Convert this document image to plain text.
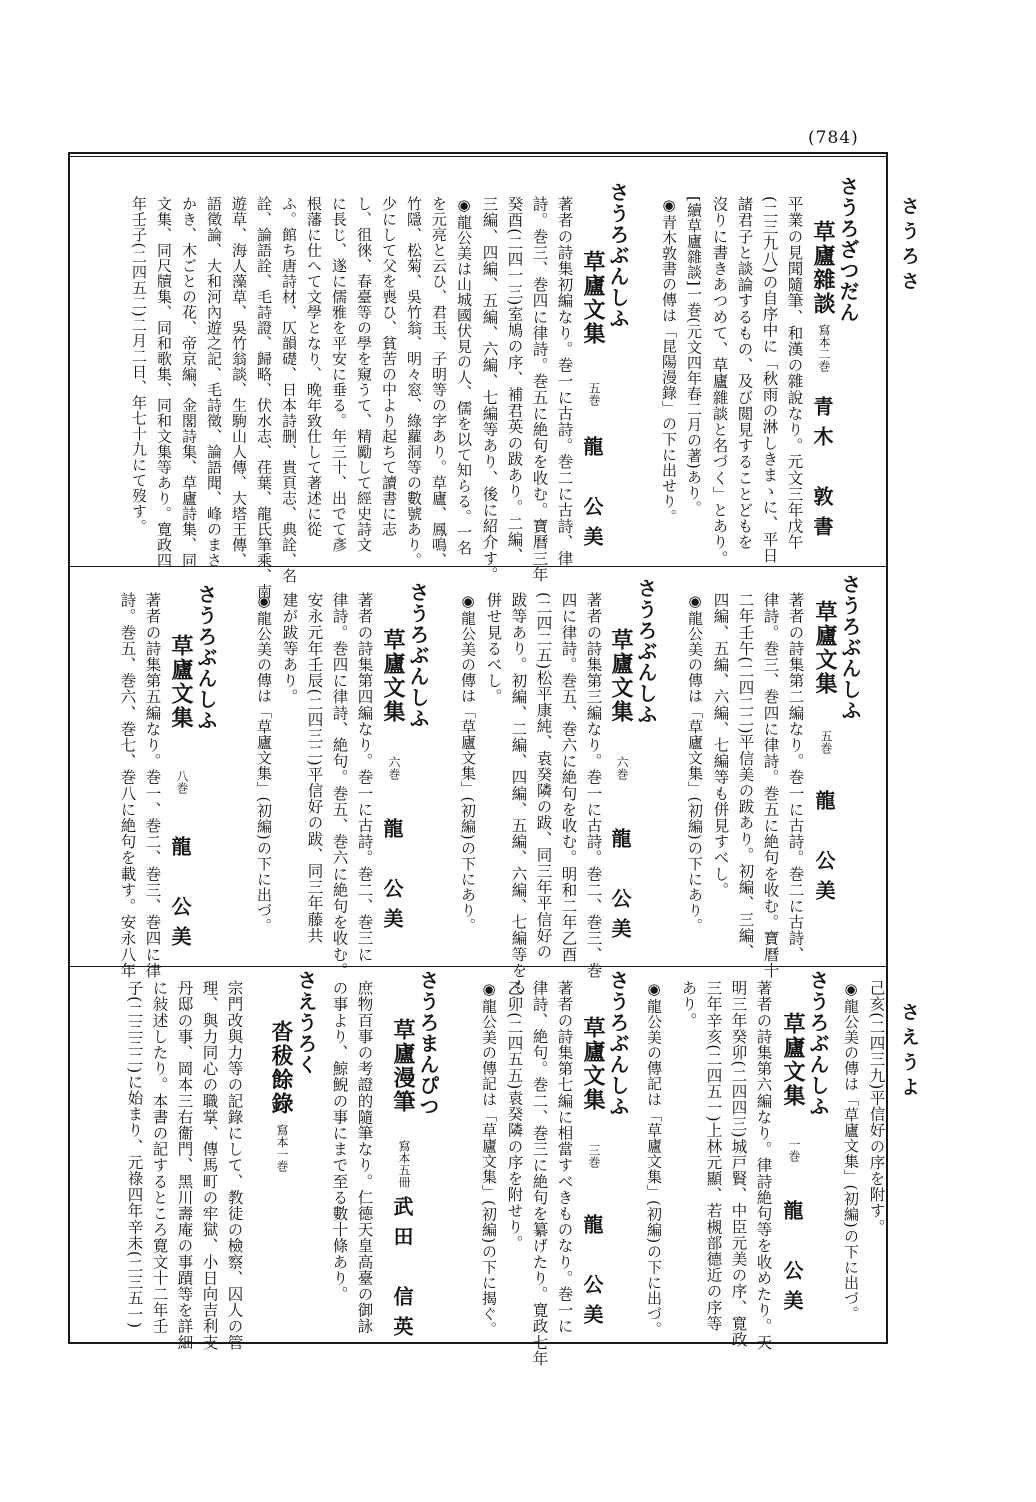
(784)
さうろさ
さえうよ
さうろざつだん
草廬雜談
寫本二巻
青木　敦書
平業の見聞隨筆、和漢の雜說なり。元文三年戊午
(二三九八)の自序中に「秋雨の淋しきまゝに、平日
諸君子と談論するもの、及び閲見することどもを
沒りに書きあつめて、草廬雜談と名づく」とあり。
[續草廬雜談]一巻(元文四年春二月の著)あり。
◉青木敦書の傳は「昆陽漫錄」の下に出せり。
さうろぶんしふ
草廬文集
五巻
龍　公美
著者の詩集初編なり。巻一に古詩。巻二に古詩、律
詩。巻三、巻四に律詩。巻五に絶句を收む。寶曆三年
癸酉(二四一三)室鳩の序、補君英の跋あり。二編、
三編、四編、五編、六編、七編等あり、後に紹介す。
◉龍公美は山城國伏見の人、儒を以て知らる。一名
を元亮と云ひ、君玉、子明等の字あり。草廬、鳳鳴、
竹隱、松菊、吳竹翁、明々窓、綠蘿洞等の數號あり。
少にして父を喪ひ、貧苦の中より起ちて讀書に志
し、徂徠、春臺等の學を窺うて、精勵して經史詩文
に長じ、遂に儒雅を平安に垂る。年三十、出でて彥
根藩に仕へて文學となり、晩年致仕して著述に從
ふ。館ち唐詩材、仄韻礎、日本詩删、貴頁志、典詮、名
詮、論語詮、毛詩證、歸略、伏水志、荏葉、龍氏筆乘、南
遊草、海人藻草、吳竹翁談、生駒山人傳、大塔王傳、
語徵論、大和河內遊之記、毛詩徵、論語聞、峰のまさ
かき、木ごとの花、帝京編、金閣詩集、草廬詩集、同
文集、同尺牘集、同和歌集、同和文集等あり。寛政四
年壬子(二四五二)二月二日、年七十九にて歿す。
さうろぶんしふ
草廬文集
五巻
龍　公美
著者の詩集第二編なり。巻一に古詩。巻二に古詩、
律詩。巻三、巻四に律詩。巻五に絶句を收む。寶曆十
二年壬午(二四二二)平信美の跋あり。初編、三編、
四編、五編、六編、七編等も併見すべし。
◉龍公美の傳は「草廬文集」(初編)の下にあり。
さうろぶんしふ
草廬文集
六巻
龍　公美
著者の詩集第三編なり。巻一に古詩。巻二、巻三、巻
四に律詩。巻五、巻六に絶句を收む。明和二年乙酉
(二四二五)松平康純、袁癸隣の跋、同三年平信好の
跋等あり。初編、二編、四編、五編、六編、七編等をも
併せ見るべし。
◉龍公美の傳は「草廬文集」(初編)の下にあり。
さうろぶんしふ
草廬文集
六巻
龍　公美
著者の詩集第四編なり。巻一に古詩。巻二、巻三に
律詩。巻四に律詩、絶句。巻五、巻六に絶句を收む。
安永元年壬辰(二四三二)平信好の跋、同三年藤共
建が跋等あり。
◉龍公美の傳は「草廬文集」(初編)の下に出づ。
さうろぶんしふ
草廬文集
八巻
龍　公美
著者の詩集第五編なり。巻一、巻二、巻三、巻四に律
詩。巻五、巻六、巻七、巻八に絶句を載す。安永八年
己亥(二四三九)平信好の序を附す。
◉龍公美の傳は「草廬文集」(初編)の下に出づ。
さうろぶんしふ
草廬文集
一巻
龍　公美
著者の詩集第六編なり。律詩絶句等を收めたり。天
明三年癸卯(二四四三)城戸賢、中臣元美の序、寛政
三年辛亥(二四五一)上林元顯、若槻部德近の序等
あり。
◉龍公美の傳記は「草廬文集」(初編)の下に出づ。
さうろぶんしふ
草廬文集
三巻
龍　公美
著者の詩集第七編に相當すべきものなり。巻一に
律詩、絶句。巻二、巻三に絶句を纂げたり。寛政七年
乙卯(二四五五)袁癸隣の序を附せり。
◉龍公美の傳記は「草廬文集」(初編)の下に揭ぐ。
さうろまんぴつ
草廬漫筆
寫本五冊
武田　信英
庶物百事の考證的隨筆なり。仁德天皇高臺の御詠
の事より、鯨鯢の事にまで至る數十條あり。
さえうろく
沓秡餘錄
寫本一巻
宗門改與力等の記錄にして、教徒の檢察、囚人の管
理、與力同心の職掌、傳馬町の牢獄、小日向吉利支
丹邸の事、岡本三右衞門、黑川壽庵の事蹟等を詳細
に敍述したり。本書の記するところ寛文十二年壬
子(二三三二)に始まり、元祿四年辛未(二三五一)
